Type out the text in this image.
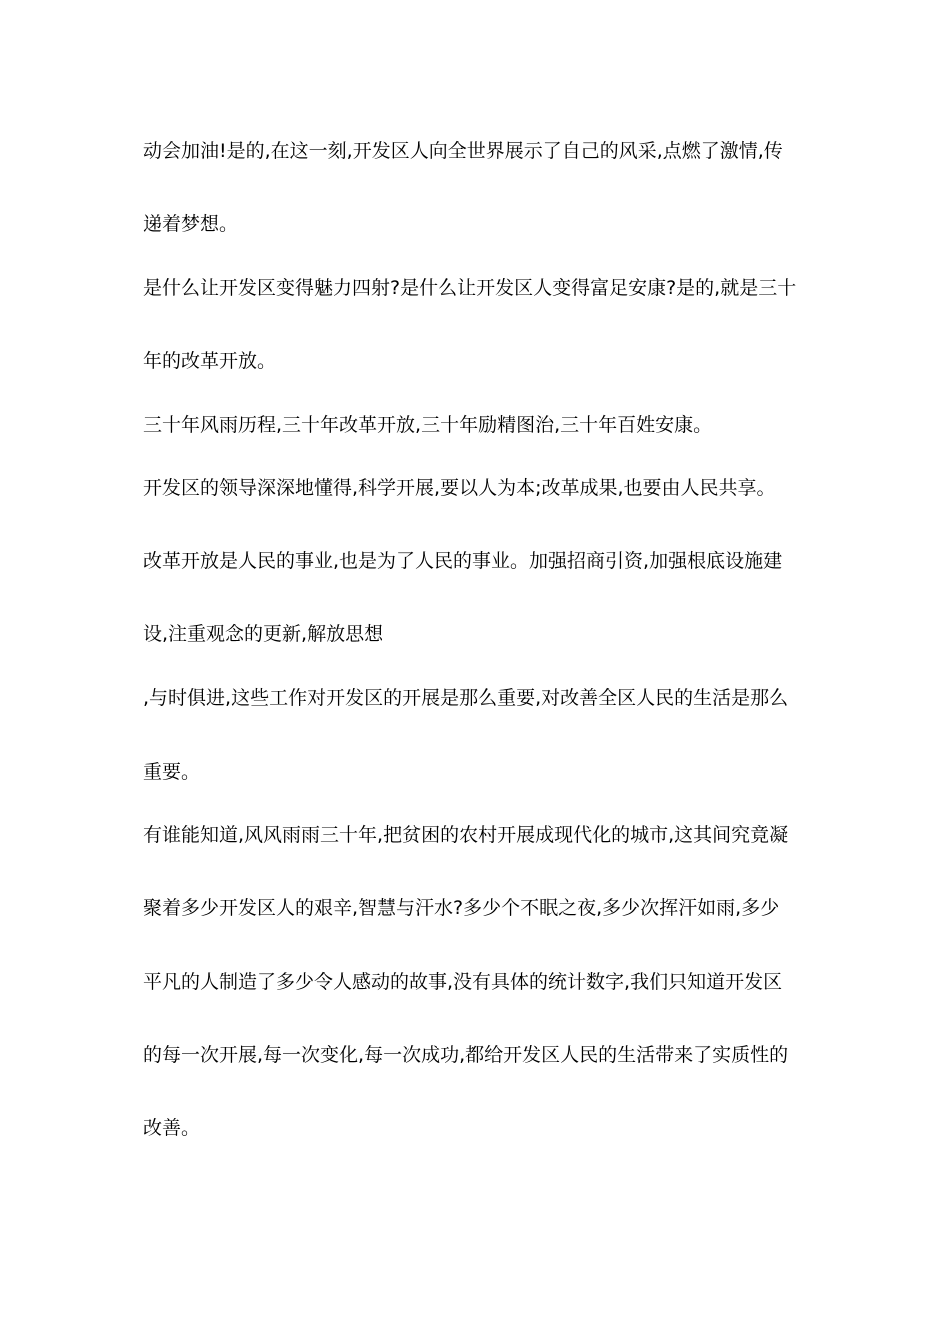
动会加油!是的,在这一刻,开发区人向全世界展示了自己的风采,点燃了激情,传
递着梦想。
是什么让开发区变得魅力四射?是什么让开发区人变得富足安康?是的,就是三十
年的改革开放。
三十年风雨历程,三十年改革开放,三十年励精图治,三十年百姓安康。
开发区的领导深深地懂得,科学开展,要以人为本;改革成果,也要由人民共享。
改革开放是人民的事业,也是为了人民的事业。加强招商引资,加强根底设施建
设,注重观念的更新,解放思想
,与时俱进,这些工作对开发区的开展是那么重要,对改善全区人民的生活是那么
重要。
有谁能知道,风风雨雨三十年,把贫困的农村开展成现代化的城市,这其间究竟凝
聚着多少开发区人的艰辛,智慧与汗水?多少个不眠之夜,多少次挥汗如雨,多少
平凡的人制造了多少令人感动的故事,没有具体的统计数字,我们只知道开发区
的每一次开展,每一次变化,每一次成功,都给开发区人民的生活带来了实质性的
改善。
